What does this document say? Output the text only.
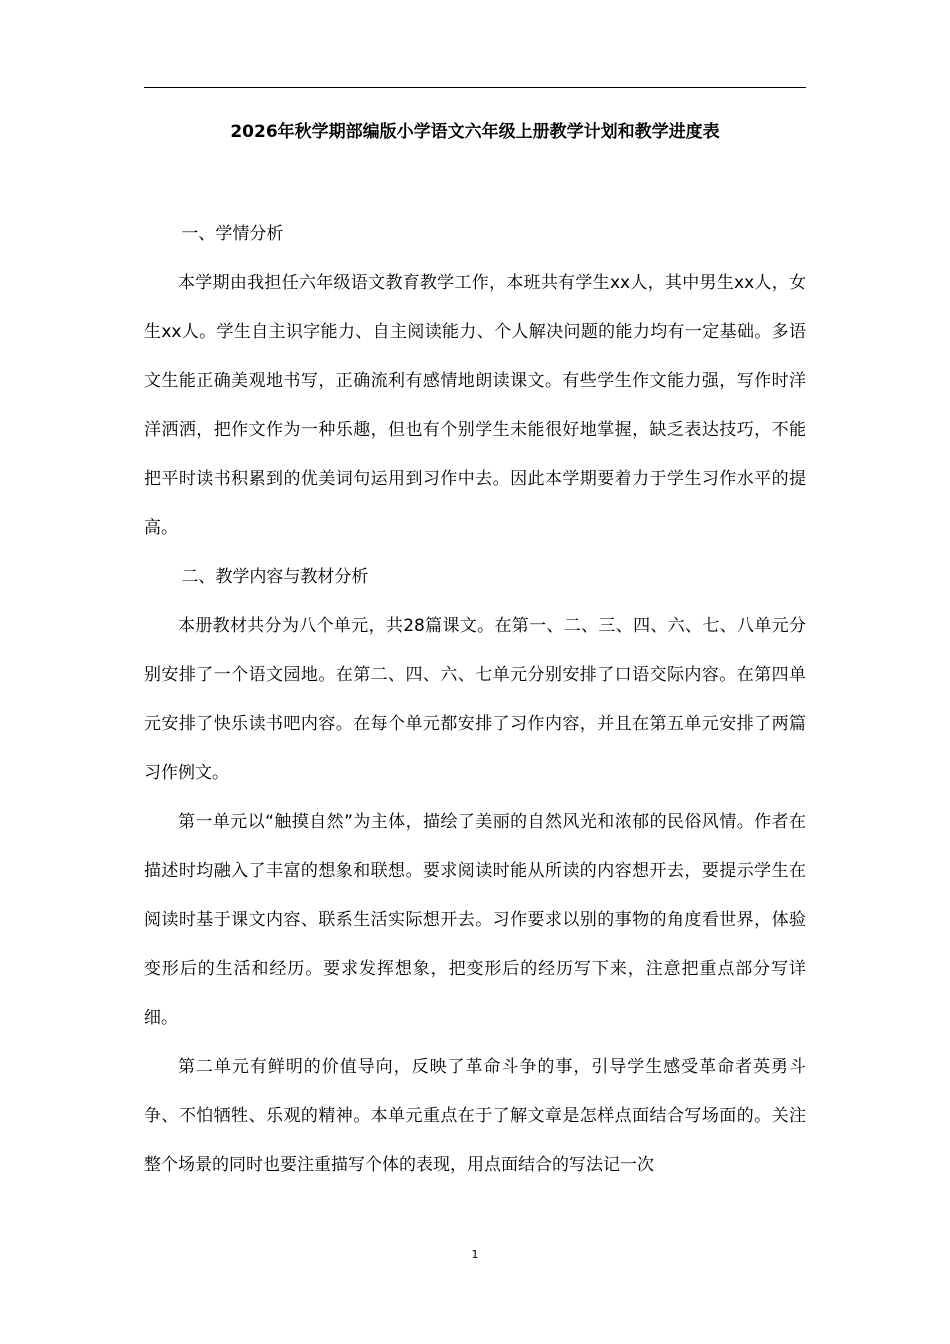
2026年秋学期部编版小学语文六年级上册教学计划和教学进度表

一、学情分析

本学期由我担任六年级语文教育教学工作，本班共有学生xx人，其中男生xx人，女生xx人。学生自主识字能力、自主阅读能力、个人解决问题的能力均有一定基础。多语文生能正确美观地书写，正确流利有感情地朗读课文。有些学生作文能力强，写作时洋洋洒洒，把作文作为一种乐趣，但也有个别学生未能很好地掌握，缺乏表达技巧，不能把平时读书积累到的优美词句运用到习作中去。因此本学期要着力于学生习作水平的提高。

二、教学内容与教材分析

本册教材共分为八个单元，共28篇课文。在第一、二、三、四、六、七、八单元分别安排了一个语文园地。在第二、四、六、七单元分别安排了口语交际内容。在第四单元安排了快乐读书吧内容。在每个单元都安排了习作内容，并且在第五单元安排了两篇习作例文。

第一单元以“触摸自然”为主体，描绘了美丽的自然风光和浓郁的民俗风情。作者在描述时均融入了丰富的想象和联想。要求阅读时能从所读的内容想开去，要提示学生在阅读时基于课文内容、联系生活实际想开去。习作要求以别的事物的角度看世界，体验变形后的生活和经历。要求发挥想象，把变形后的经历写下来，注意把重点部分写详细。

第二单元有鲜明的价值导向，反映了革命斗争的事，引导学生感受革命者英勇斗争、不怕牺牲、乐观的精神。本单元重点在于了解文章是怎样点面结合写场面的。关注整个场景的同时也要注重描写个体的表现，用点面结合的写法记一次

1
